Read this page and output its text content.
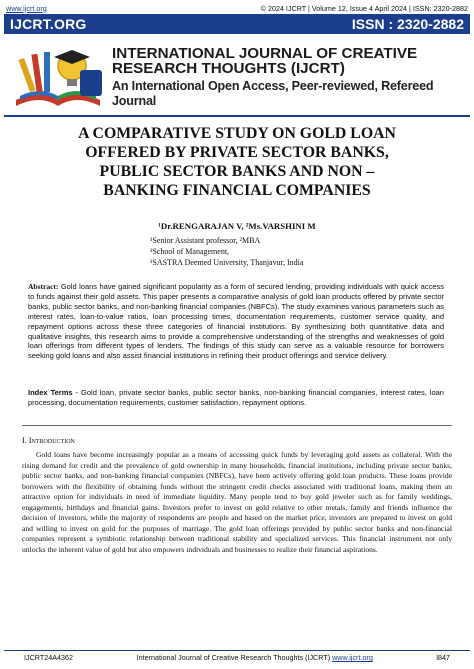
www.ijcrt.org	© 2024 IJCRT | Volume 12, Issue 4 April 2024 | ISSN: 2320-2882
IJCRT.ORG	ISSN : 2320-2882
INTERNATIONAL JOURNAL OF CREATIVE
RESEARCH THOUGHTS (IJCRT)
An International Open Access, Peer-reviewed, Refereed Journal
A COMPARATIVE STUDY ON GOLD LOAN
OFFERED BY PRIVATE SECTOR BANKS,
PUBLIC SECTOR BANKS AND NON –
BANKING FINANCIAL COMPANIES
¹Dr.RENGARAJAN V, ²Ms.VARSHINI M
¹Senior Assistant professor, ²MBA
¹School of Management,
¹SASTRA Deemed University, Thanjavur, India
Abstract: Gold loans have gained significant popularity as a form of secured lending, providing individuals with quick access to funds against their gold assets. This paper presents a comparative analysis of gold loan products offered by private sector banks, public sector banks, and non-banking financial companies (NBFCs). The study examines various parameters such as interest rates, loan-to-value ratios, loan processing times, documentation requirements, customer service quality, and repayment options across these three categories of financial institutions. By synthesizing both quantitative data and qualitative insights, this research aims to provide a comprehensive understanding of the strengths and weaknesses of gold loan offerings from different types of lenders. The findings of this study can serve as a valuable resource for borrowers seeking gold loans and also assist financial institutions in refining their product offerings and service delivery.
Index Terms - Gold loan, private sector banks, public sector banks, non-banking financial companies, interest rates, loan processing, documentation requirements, customer satisfaction, repayment options.
I. Introduction
Gold loans have become increasingly popular as a means of accessing quick funds by leveraging gold assets as collateral. With the rising demand for credit and the prevalence of gold ownership in many households, financial institutions, including private sector banks, public sector banks, and non-banking financial companies (NBFCs), have been actively offering gold loan products. These loans provide borrowers with the flexibility of obtaining funds without the stringent credit checks associated with traditional loans, making them an attractive option for individuals in need of immediate liquidity. Many people tend to buy gold jeweler such as for family weddings, engagements, birthdays and financial gains. Investors prefer to invest on gold relative to other metals, family and friends influence the decision of investors, while the majority of respondents are people and based on the market price, investors are prepared to invest on gold and willing to invest on gold for the purposes of marriage. The gold loan offerings provided by public sector banks and non-financial companies represent a symbiotic relationship between traditional stability and specialized services. This financial instrument not only unlocks the inherent value of gold but also empowers individuals and businesses to realize their financial aspirations.
IJCRT24A4362	International Journal of Creative Research Thoughts (IJCRT) www.ijcrt.org	l847
